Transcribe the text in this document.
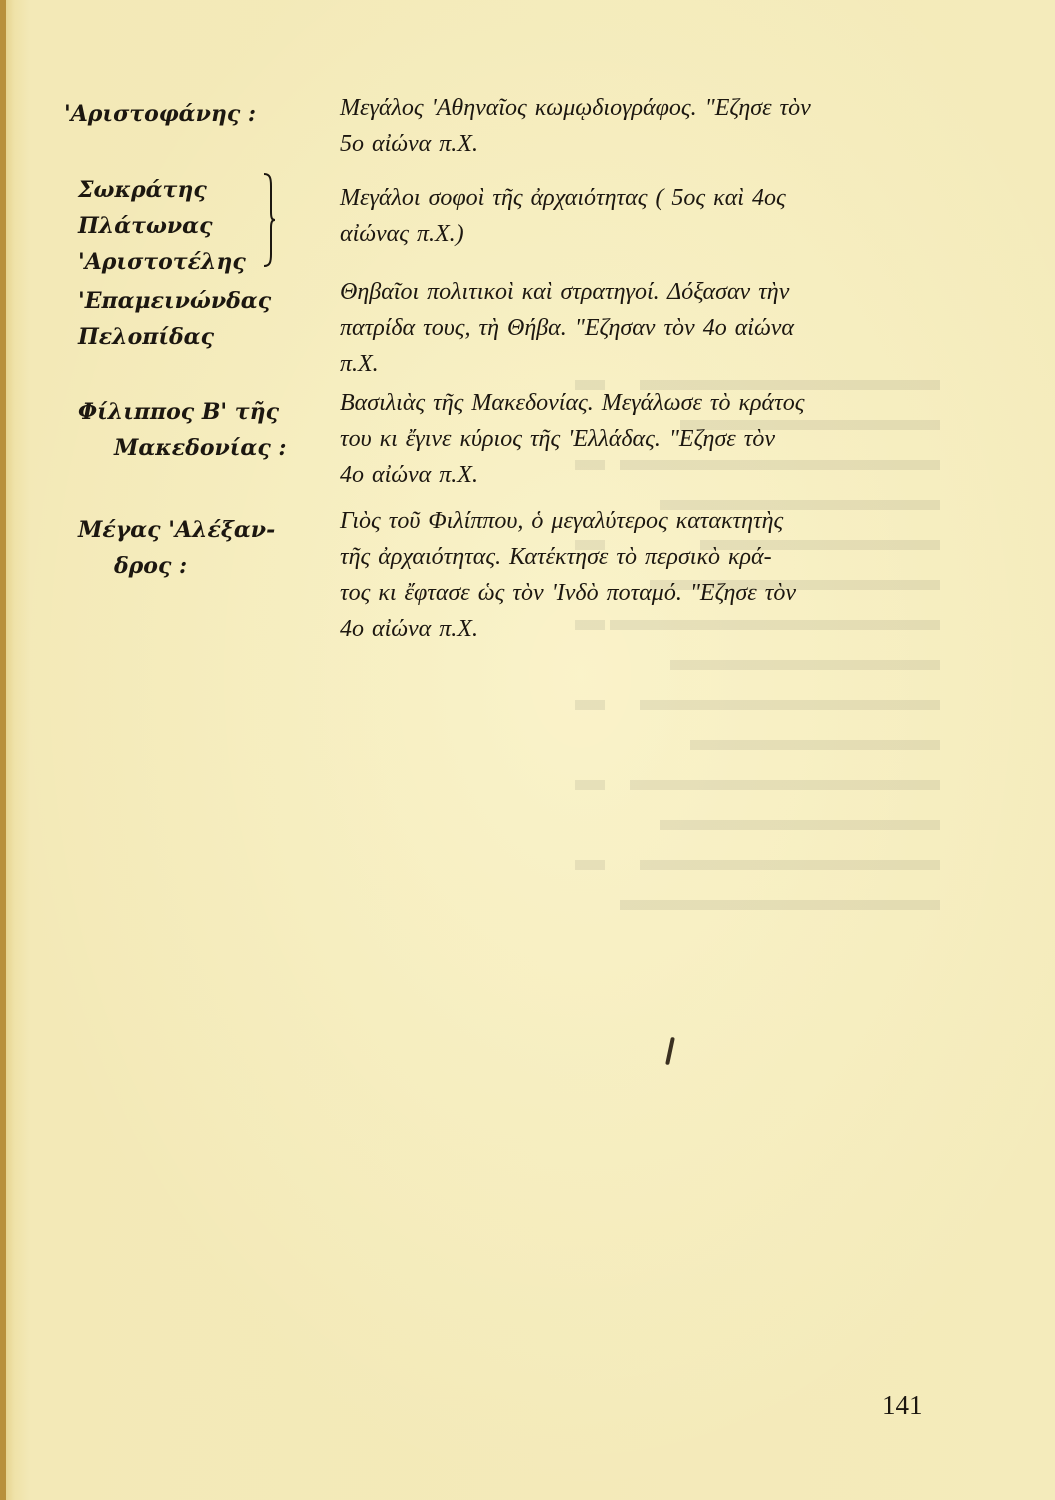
'Αριστοφάνης :	Μεγάλος 'Αθηναῖος κωμῳδιογράφος. "Εζησε τὸν
5ο αἰώνα π.Χ.

Σωκράτης
Πλάτωνας
'Αριστοτέλης

Μεγάλοι σοφοὶ τῆς ἀρχαιότητας ( 5ος καὶ 4ος
αἰώνας π.Χ.)

'Επαμεινώνδας
Πελοπίδας

Θηβαῖοι πολιτικοὶ καὶ στρατηγοί. Δόξασαν τὴν
πατρίδα τους, τὴ Θήβα. "Εζησαν τὸν 4ο αἰώνα
π.Χ.

Φίλιππος Β' τῆς
Μακεδονίας :

Βασιλιὰς τῆς Μακεδονίας. Μεγάλωσε τὸ κράτος
του κι ἔγινε κύριος τῆς 'Ελλάδας. "Εζησε τὸν
4ο αἰώνα π.Χ.

Μέγας 'Αλέξαν-
δρος :

Γιὸς τοῦ Φιλίππου, ὁ μεγαλύτερος κατακτητὴς
τῆς ἀρχαιότητας. Κατέκτησε τὸ περσικὸ κρά-
τος κι ἔφτασε ὡς τὸν 'Ινδὸ ποταμό. "Εζησε τὸν
4ο αἰώνα π.Χ.

141
